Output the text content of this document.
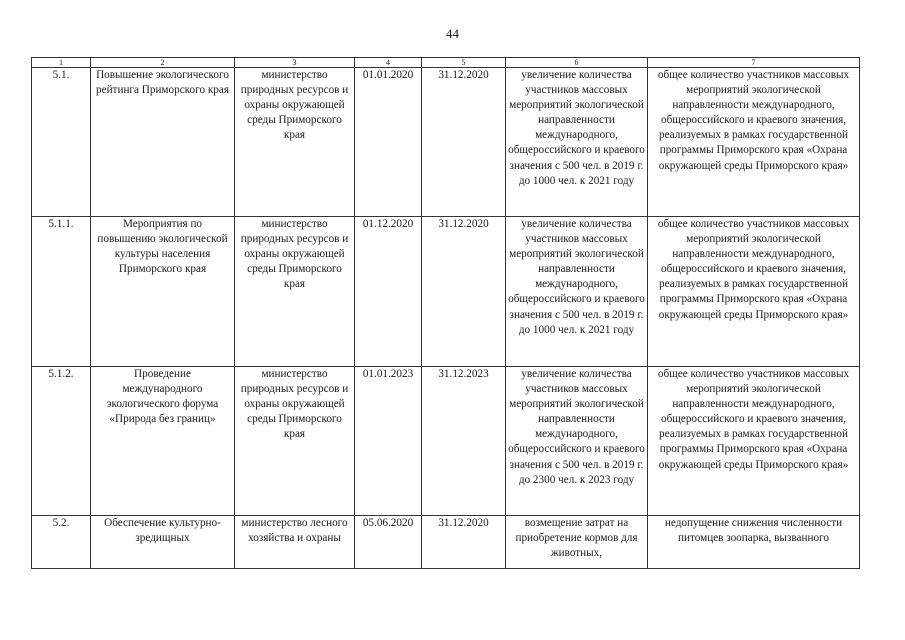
44
1	2	3	4	5	6	7
5.1.	Повышение экологического рейтинга Приморского края	министерство природных ресурсов и охраны окружающей среды Приморского края	01.01.2020	31.12.2020	увеличение количества участников массовых мероприятий экологической направленности международного, общероссийского и краевого значения с 500 чел. в 2019 г. до 1000 чел. к 2021 году	общее количество участников массовых мероприятий экологической направленности международного, общероссийского и краевого значения, реализуемых в рамках государственной программы Приморского края «Охрана окружающей среды Приморского края»
5.1.1.	Мероприятия по повышению экологической культуры населения Приморского края	министерство природных ресурсов и охраны окружающей среды Приморского края	01.12.2020	31.12.2020	увеличение количества участников массовых мероприятий экологической направленности международного, общероссийского и краевого значения с 500 чел. в 2019 г. до 1000 чел. к 2021 году	общее количество участников массовых мероприятий экологической направленности международного, общероссийского и краевого значения, реализуемых в рамках государственной программы Приморского края «Охрана окружающей среды Приморского края»
5.1.2.	Проведение международного экологического форума «Природа без границ»	министерство природных ресурсов и охраны окружающей среды Приморского края	01.01.2023	31.12.2023	увеличение количества участников массовых мероприятий экологической направленности международного, общероссийского и краевого значения с 500 чел. в 2019 г. до 2300 чел. к 2023 году	общее количество участников массовых мероприятий экологической направленности международного, общероссийского и краевого значения, реализуемых в рамках государственной программы Приморского края «Охрана окружающей среды Приморского края»

5.2.	Обеспечение культурно-зредищных	министерство лесного хозяйства и охраны	05.06.2020	31.12.2020	возмещение затрат на приобретение кормов для животных,	недопущение снижения численности питомцев зоопарка, вызванного
